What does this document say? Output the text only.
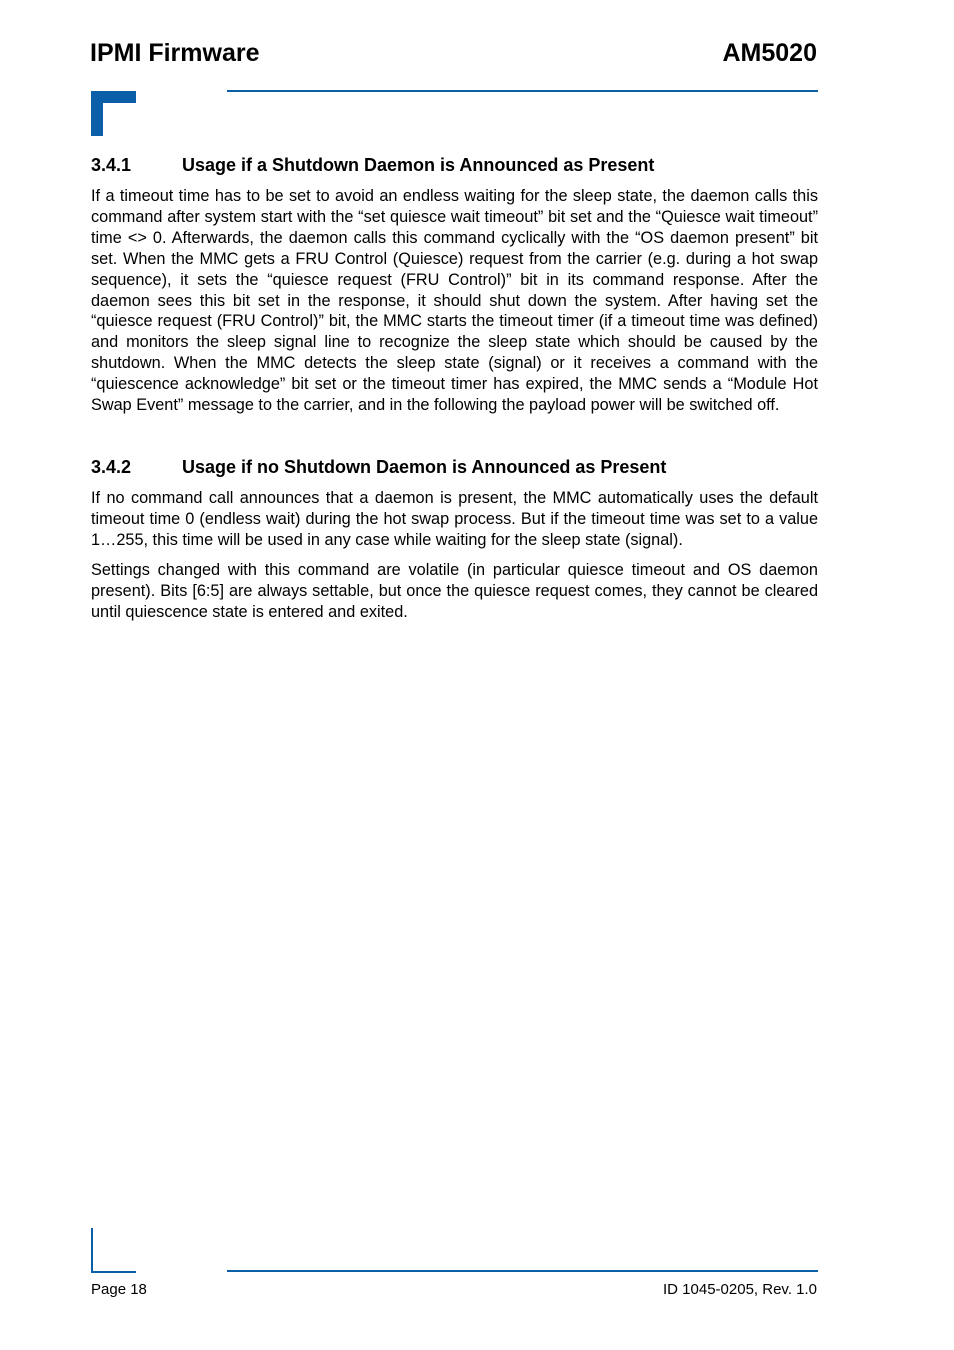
IPMI Firmware	AM5020
3.4.1	Usage if a Shutdown Daemon is Announced as Present

If a timeout time has to be set to avoid an endless waiting for the sleep state, the daemon calls this command after system start with the “set quiesce wait timeout” bit set and the “Quiesce wait timeout” time <> 0. Afterwards, the daemon calls this command cyclically with the “OS daemon present” bit set. When the MMC gets a FRU Control (Quiesce) request from the carrier (e.g. during a hot swap sequence), it sets the “quiesce request (FRU Control)” bit in its command response. After the daemon sees this bit set in the response, it should shut down the system. After having set the “quiesce request (FRU Control)” bit, the MMC starts the timeout timer (if a timeout time was defined) and monitors the sleep signal line to recognize the sleep state which should be caused by the shutdown. When the MMC detects the sleep state (signal) or it receives a command with the “quiescence acknowledge” bit set or the timeout timer has expired, the MMC sends a “Module Hot Swap Event” message to the carrier, and in the following the payload power will be switched off.

3.4.2	Usage if no Shutdown Daemon is Announced as Present

If no command call announces that a daemon is present, the MMC automatically uses the default timeout time 0 (endless wait) during the hot swap process. But if the timeout time was set to a value 1…255, this time will be used in any case while waiting for the sleep state (signal).

Settings changed with this command are volatile (in particular quiesce timeout and OS daemon present). Bits [6:5] are always settable, but once the quiesce request comes, they cannot be cleared until quiescence state is entered and exited.

Page 18	ID 1045-0205, Rev. 1.0
